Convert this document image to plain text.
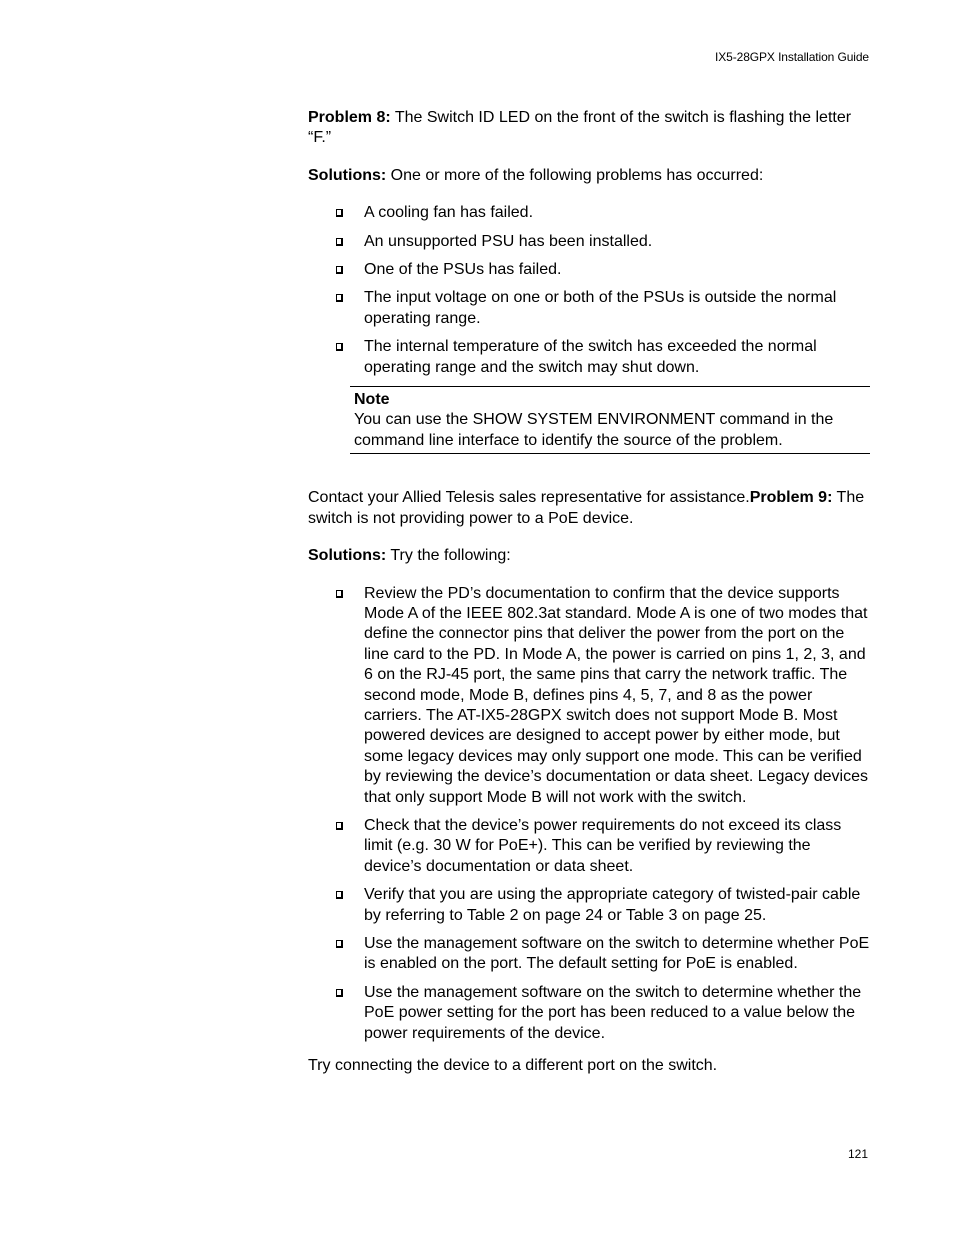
IX5-28GPX Installation Guide

Problem 8: The Switch ID LED on the front of the switch is flashing the letter “F.”

Solutions: One or more of the following problems has occurred:

A cooling fan has failed.
An unsupported PSU has been installed.
One of the PSUs has failed.
The input voltage on one or both of the PSUs is outside the normal operating range.
The internal temperature of the switch has exceeded the normal operating range and the switch may shut down.
Note
You can use the SHOW SYSTEM ENVIRONMENT command in the command line interface to identify the source of the problem.

Contact your Allied Telesis sales representative for assistance.Problem 9: The switch is not providing power to a PoE device.

Solutions: Try the following:

Review the PD’s documentation to confirm that the device supports Mode A of the IEEE 802.3at standard. Mode A is one of two modes that define the connector pins that deliver the power from the port on the line card to the PD. In Mode A, the power is carried on pins 1, 2, 3, and 6 on the RJ-45 port, the same pins that carry the network traffic. The second mode, Mode B, defines pins 4, 5, 7, and 8 as the power carriers. The AT-IX5-28GPX switch does not support Mode B. Most powered devices are designed to accept power by either mode, but some legacy devices may only support one mode. This can be verified by reviewing the device’s documentation or data sheet. Legacy devices that only support Mode B will not work with the switch.
Check that the device’s power requirements do not exceed its class limit (e.g. 30 W for PoE+). This can be verified by reviewing the device’s documentation or data sheet.
Verify that you are using the appropriate category of twisted-pair cable by referring to Table 2 on page 24 or Table 3 on page 25.
Use the management software on the switch to determine whether PoE is enabled on the port. The default setting for PoE is enabled.
Use the management software on the switch to determine whether the PoE power setting for the port has been reduced to a value below the power requirements of the device.

Try connecting the device to a different port on the switch.

121
